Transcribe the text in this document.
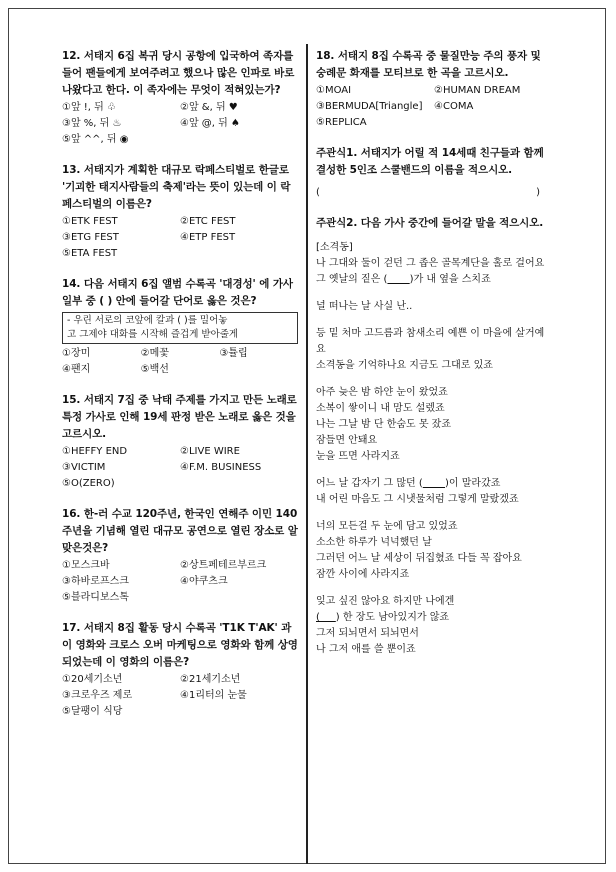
12. 서태지 6집 복귀 당시 공항에 입국하여 족자를 들어 팬들에게 보여주려고 했으나 많은 인파로 바로 나왔다고 한다. 이 족자에는 무엇이 적혀있는가?

①앞 !, 뒤 ♧	②앞 &, 뒤 ♥
③앞 %, 뒤 ♨	④앞 @, 뒤 ♠
⑤앞 ^^, 뒤 ◉

13. 서태지가 계획한 대규모 락페스티벌로 한글로 '기괴한 태지사람들의 축제'라는 뜻이 있는데 이 락페스티벌의 이름은?

①ETK FEST	②ETC FEST
③ETG FEST	④ETP FEST
⑤ETA FEST

14. 다음 서태지 6집 앨범 수록곡 '대경성' 에 가사 일부 중 ( ) 안에 들어갈 단어로 옳은 것은?

- 우린 서로의 코앞에 칼과 ( )를 밀어놓
고 그제야 대화를 시작해 즐겁게 받아줄게
①장미	②메꽃	③튤립
④팬지	⑤백선

15. 서태지 7집 중 낙태 주제를 가지고 만든 노래로 특정 가사로 인해 19세 판정 받은 노래로 옳은 것을 고르시오.

①HEFFY END	②LIVE WIRE
③VICTIM	④F.M. BUSINESS
⑤O(ZERO)

16. 한-러 수교 120주년, 한국인 연해주 이민 140주년을 기념해 열린 대규모 공연으로 열린 장소로 알 맞은것은?

①모스크바	②상트페테르부르크
③하바로프스크	④야쿠츠크
⑤블라디보스톡

17. 서태지 8집 활동 당시 수록곡 'T1K T'AK' 과 이 영화와 크로스 오버 마케팅으로 영화와 함께 상영되었는데 이 영화의 이름은?

①20세기소년	②21세기소년
③크로우즈 제로	④1리터의 눈물
⑤달팽이 식당

18. 서태지 8집 수록곡 중 물질만능 주의 풍자 및 숭례문 화재를 모티브로 한 곡을 고르시오.

①MOAI	②HUMAN DREAM
③BERMUDA[Triangle]	④COMA
⑤REPLICA

주관식1. 서태지가 어릴 적 14세때 친구들과 함께 결성한 5인조 스쿨밴드의 이름을 적으시오.

(	)

주관식2. 다음 가사 중간에 들어갈 말을 적으시오.

[소격동]
나 그대와 둘이 걷던 그 좁은 골목계단을 홀로 걸어요
그 옛날의 짙은 ( )가 내 옆을 스치죠
널 떠나는 날 사실 난..
등 밑 처마 고드름과 참새소리 예쁜 이 마을에 살거예요
소격동을 기억하나요 지금도 그대로 있죠
아주 늦은 밤 하얀 눈이 왔었죠
소복이 쌓이니 내 맘도 설렜죠
나는 그날 밤 단 한숨도 못 잤죠
잠들면 안돼요
눈을 뜨면 사라지죠
어느 날 갑자기 그 많던 ( )이 말라갔죠
내 어린 마음도 그 시냇물처럼 그렇게 말랐겠죠
너의 모든걸 두 눈에 담고 있었죠
소소한 하루가 넉넉했던 날
그러던 어느 날 세상이 뒤집혔죠 다들 꼭 잡아요
잠깐 사이에 사라지죠
잊고 싶진 않아요 하지만 나에겐
(     ) 한 장도 남아있지가 않죠
그저 되뇌면서 되뇌면서
나 그저 애를 쓸 뿐이죠
